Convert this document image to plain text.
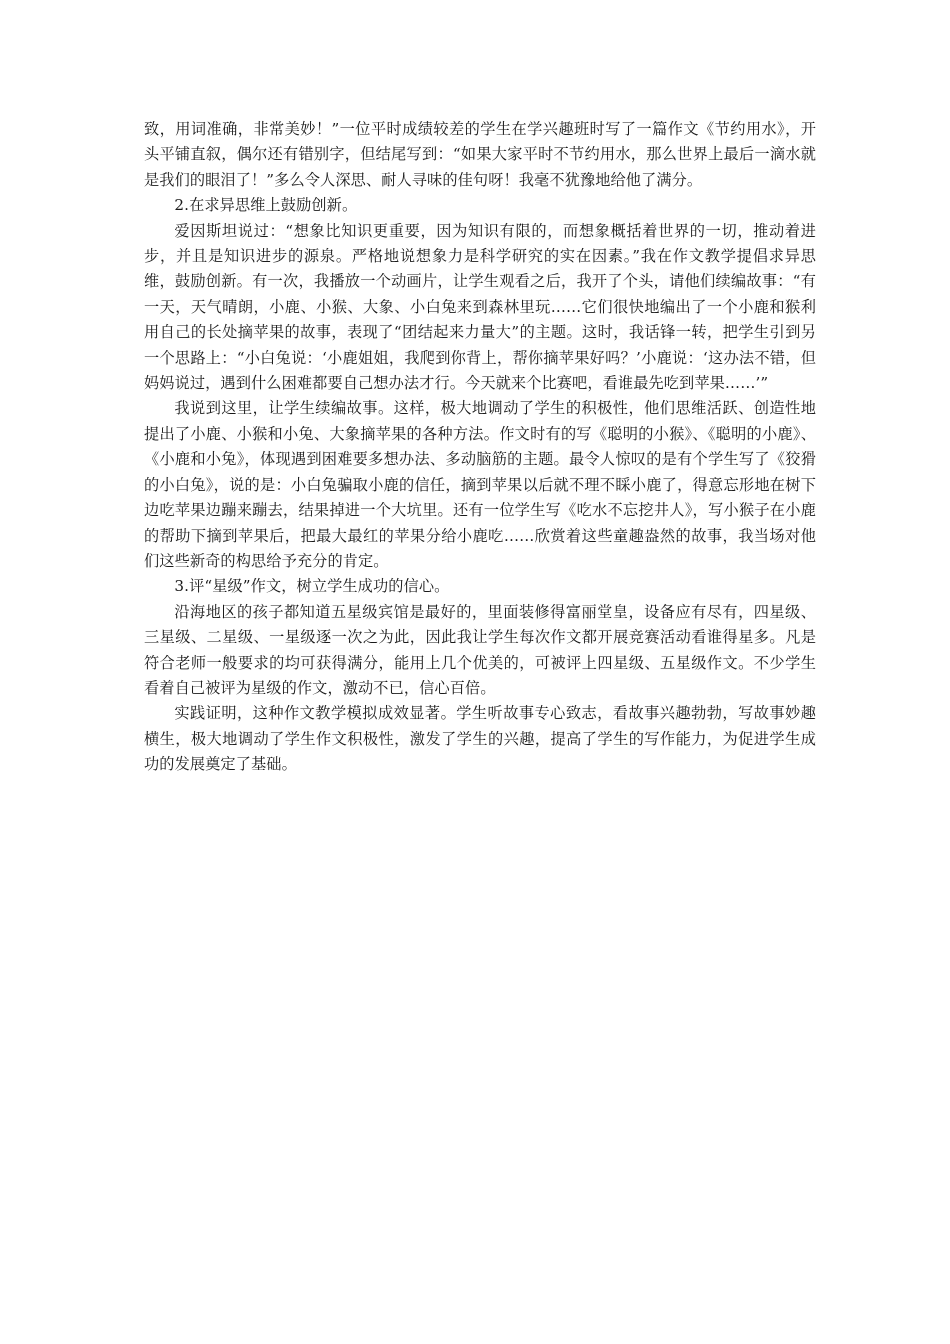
致，用词准确，非常美妙！”一位平时成绩较差的学生在学兴趣班时写了一篇作文《节约用水》，开头平铺直叙，偶尔还有错别字，但结尾写到：“如果大家平时不节约用水，那么世界上最后一滴水就是我们的眼泪了！”多么令人深思、耐人寻味的佳句呀！我毫不犹豫地给他了满分。

2.在求异思维上鼓励创新。

爱因斯坦说过：“想象比知识更重要，因为知识有限的，而想象概括着世界的一切，推动着进步，并且是知识进步的源泉。严格地说想象力是科学研究的实在因素。”我在作文教学提倡求异思维，鼓励创新。有一次，我播放一个动画片，让学生观看之后，我开了个头，请他们续编故事：“有一天，天气晴朗，小鹿、小猴、大象、小白兔来到森林里玩……它们很快地编出了一个小鹿和猴利用自己的长处摘苹果的故事，表现了“团结起来力量大”的主题。这时，我话锋一转，把学生引到另一个思路上：“小白兔说：‘小鹿姐姐，我爬到你背上，帮你摘苹果好吗？’小鹿说：‘这办法不错，但妈妈说过，遇到什么困难都要自己想办法才行。今天就来个比赛吧，看谁最先吃到苹果……’”

我说到这里，让学生续编故事。这样，极大地调动了学生的积极性，他们思维活跃、创造性地提出了小鹿、小猴和小兔、大象摘苹果的各种方法。作文时有的写《聪明的小猴》、《聪明的小鹿》、《小鹿和小兔》，体现遇到困难要多想办法、多动脑筋的主题。最令人惊叹的是有个学生写了《狡猾的小白兔》，说的是：小白兔骗取小鹿的信任，摘到苹果以后就不理不睬小鹿了，得意忘形地在树下边吃苹果边蹦来蹦去，结果掉进一个大坑里。还有一位学生写《吃水不忘挖井人》，写小猴子在小鹿的帮助下摘到苹果后，把最大最红的苹果分给小鹿吃……欣赏着这些童趣盎然的故事，我当场对他们这些新奇的构思给予充分的肯定。

3.评“星级”作文，树立学生成功的信心。

沿海地区的孩子都知道五星级宾馆是最好的，里面装修得富丽堂皇，设备应有尽有，四星级、三星级、二星级、一星级逐一次之为此，因此我让学生每次作文都开展竞赛活动看谁得星多。凡是符合老师一般要求的均可获得满分，能用上几个优美的，可被评上四星级、五星级作文。不少学生看着自己被评为星级的作文，激动不已，信心百倍。

实践证明，这种作文教学模拟成效显著。学生听故事专心致志，看故事兴趣勃勃，写故事妙趣横生，极大地调动了学生作文积极性，激发了学生的兴趣，提高了学生的写作能力，为促进学生成功的发展奠定了基础。
